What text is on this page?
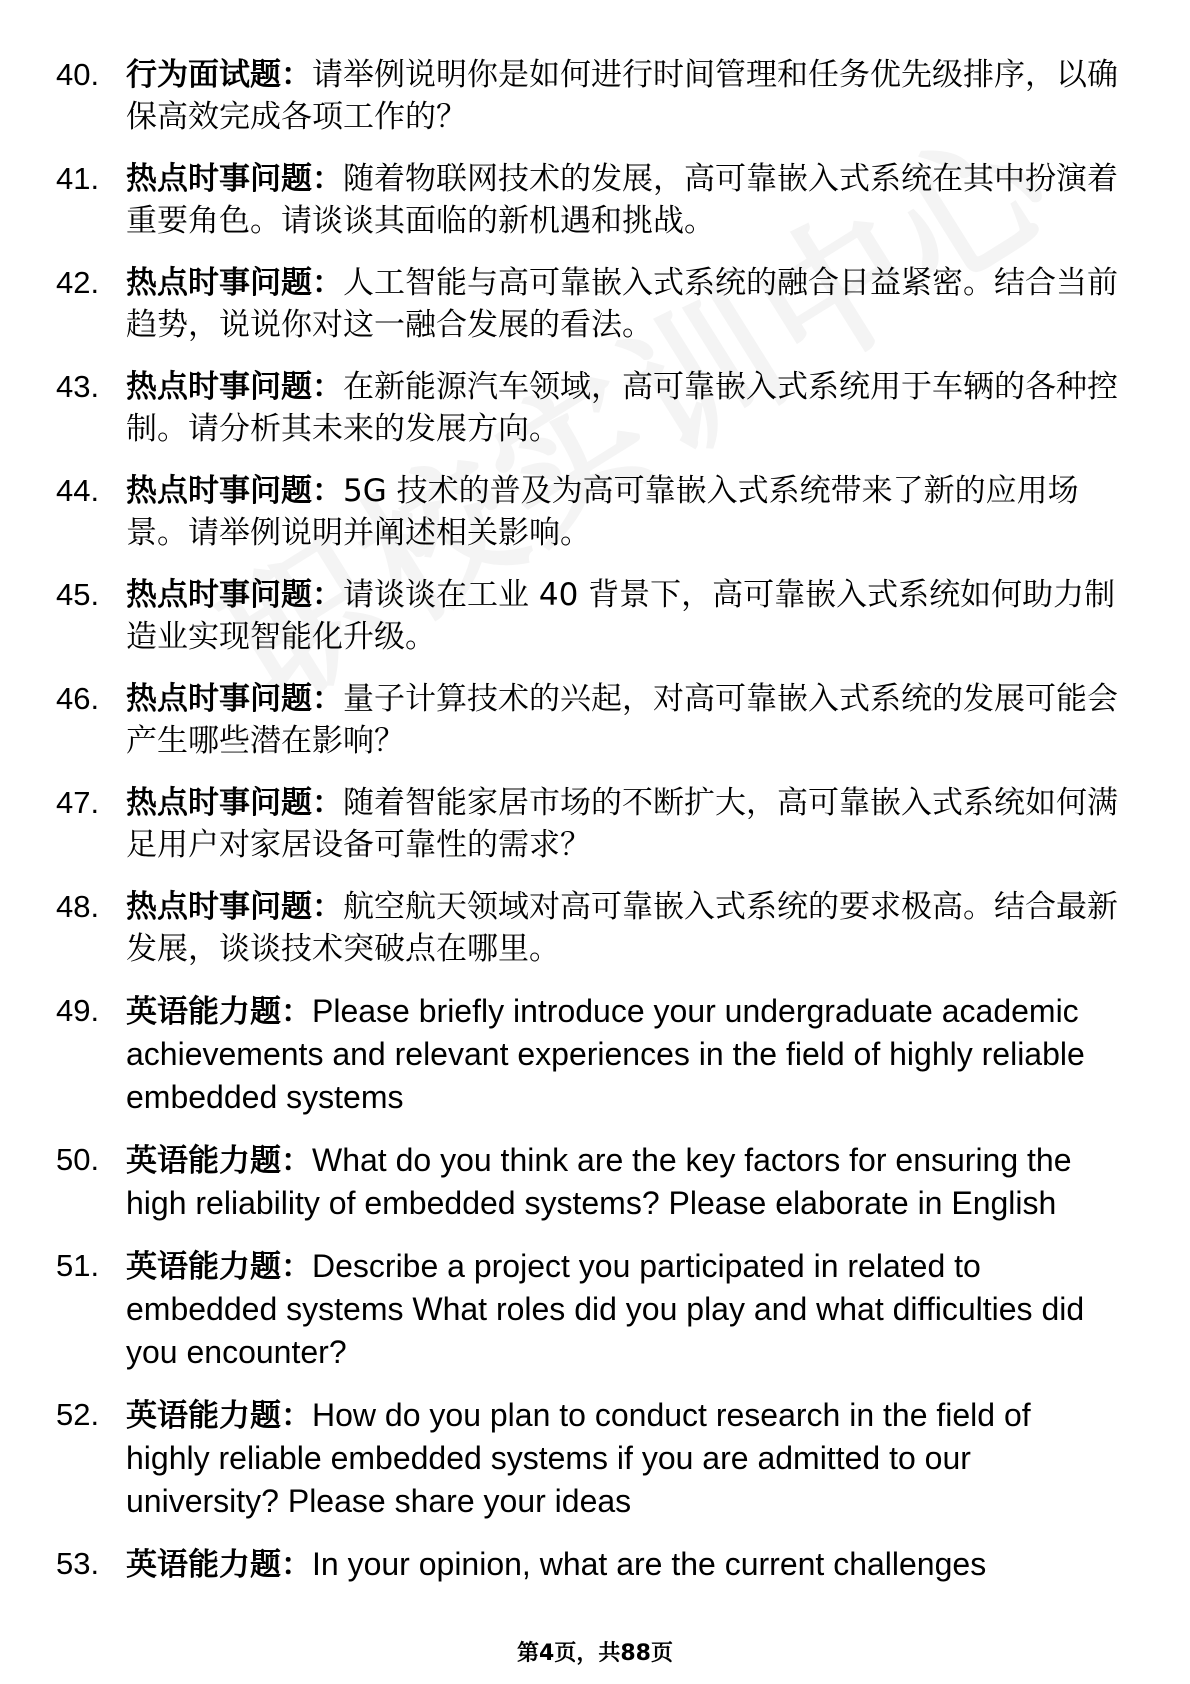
40. 行为面试题：请举例说明你是如何进行时间管理和任务优先级排序，以确保高效完成各项工作的？
41. 热点时事问题：随着物联网技术的发展，高可靠嵌入式系统在其中扮演着重要角色。请谈谈其面临的新机遇和挑战。
42. 热点时事问题：人工智能与高可靠嵌入式系统的融合日益紧密。结合当前趋势，说说你对这一融合发展的看法。
43. 热点时事问题：在新能源汽车领域，高可靠嵌入式系统用于车辆的各种控制。请分析其未来的发展方向。
44. 热点时事问题：5G 技术的普及为高可靠嵌入式系统带来了新的应用场景。请举例说明并阐述相关影响。
45. 热点时事问题：请谈谈在工业 40 背景下，高可靠嵌入式系统如何助力制造业实现智能化升级。
46. 热点时事问题：量子计算技术的兴起，对高可靠嵌入式系统的发展可能会产生哪些潜在影响？
47. 热点时事问题：随着智能家居市场的不断扩大，高可靠嵌入式系统如何满足用户对家居设备可靠性的需求？
48. 热点时事问题：航空航天领域对高可靠嵌入式系统的要求极高。结合最新发展，谈谈技术突破点在哪里。
49. 英语能力题：Please briefly introduce your undergraduate academic achievements and relevant experiences in the field of highly reliable embedded systems
50. 英语能力题：What do you think are the key factors for ensuring the high reliability of embedded systems? Please elaborate in English
51. 英语能力题：Describe a project you participated in related to embedded systems What roles did you play and what difficulties did you encounter?
52. 英语能力题：How do you plan to conduct research in the field of highly reliable embedded systems if you are admitted to our university? Please share your ideas
53. 英语能力题：In your opinion, what are the current challenges
第4页，共88页
